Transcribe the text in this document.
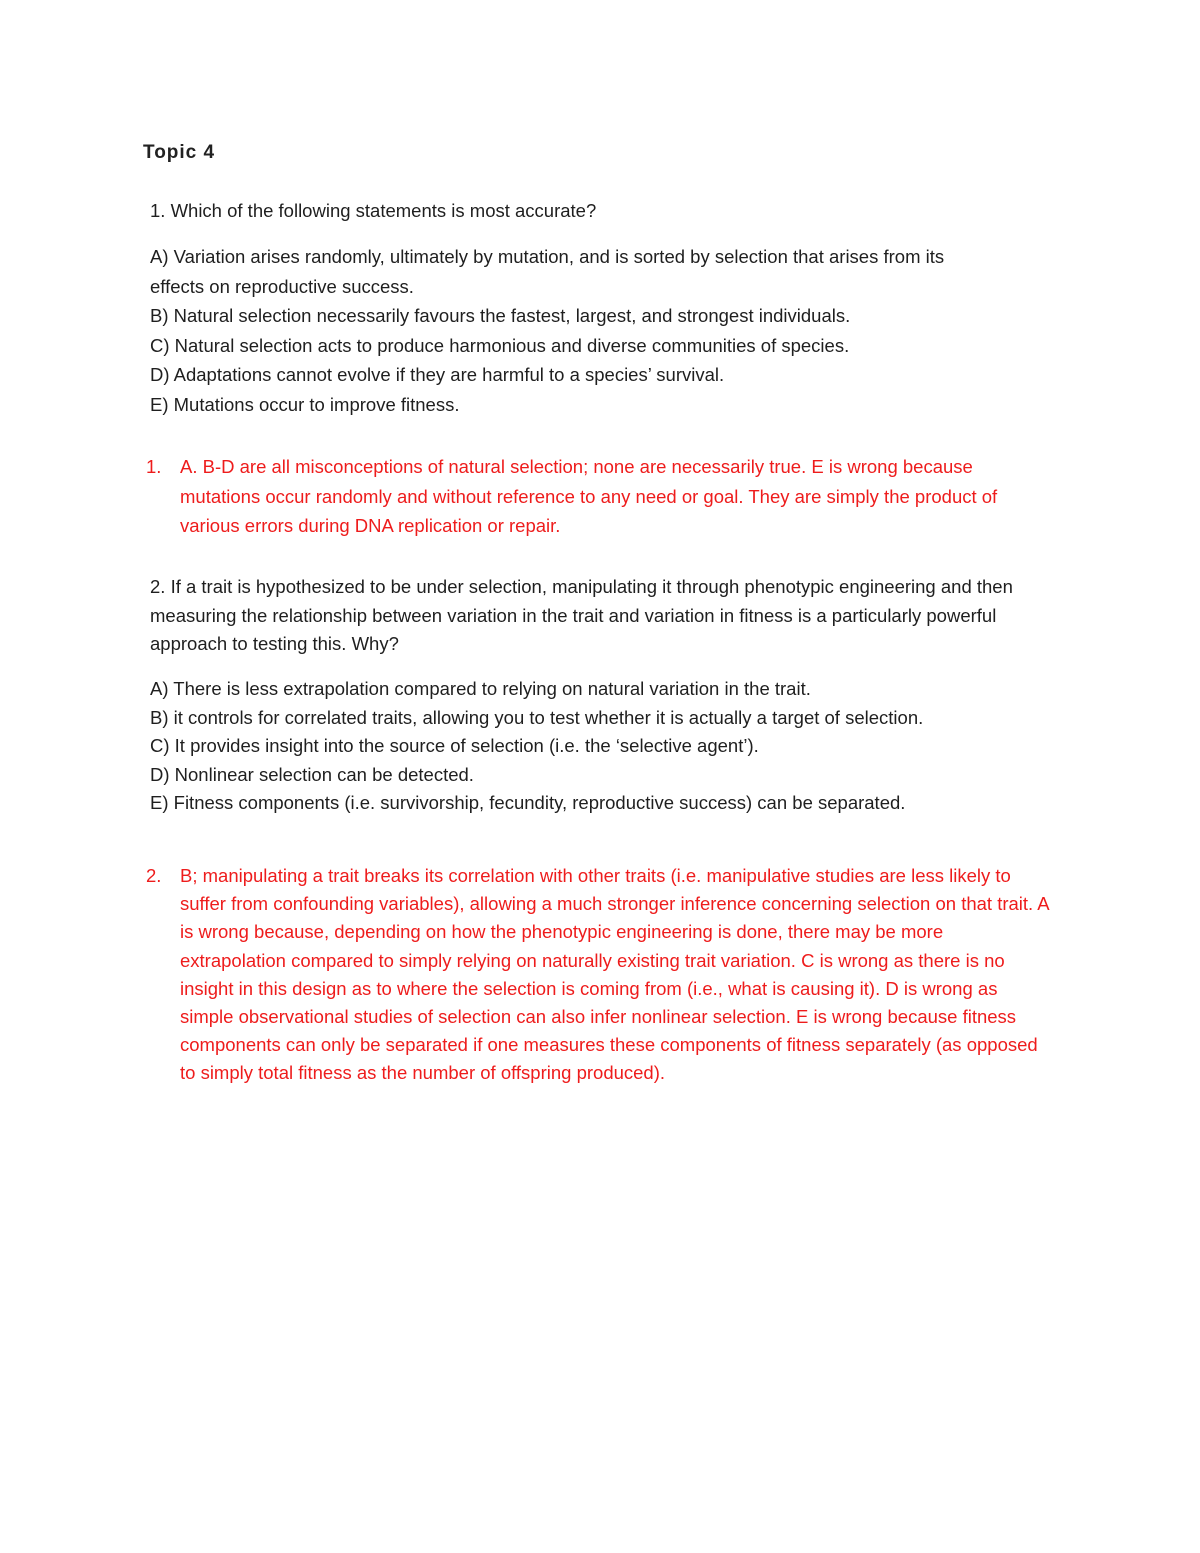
Topic 4

1. Which of the following statements is most accurate?

A) Variation arises randomly, ultimately by mutation, and is sorted by selection that arises from its

effects on reproductive success.

B) Natural selection necessarily favours the fastest, largest, and strongest individuals.

C) Natural selection acts to produce harmonious and diverse communities of species.

D) Adaptations cannot evolve if they are harmful to a species’ survival.

E) Mutations occur to improve fitness.

1. A. B-D are all misconceptions of natural selection; none are necessarily true. E is wrong because mutations occur randomly and without reference to any need or goal. They are simply the product of various errors during DNA replication or repair.

2. If a trait is hypothesized to be under selection, manipulating it through phenotypic engineering and then measuring the relationship between variation in the trait and variation in fitness is a particularly powerful approach to testing this. Why?

A) There is less extrapolation compared to relying on natural variation in the trait.

B) it controls for correlated traits, allowing you to test whether it is actually a target of selection.

C) It provides insight into the source of selection (i.e. the ‘selective agent’).

D) Nonlinear selection can be detected.

E) Fitness components (i.e. survivorship, fecundity, reproductive success) can be separated.

2. B; manipulating a trait breaks its correlation with other traits (i.e. manipulative studies are less likely to suffer from confounding variables), allowing a much stronger inference concerning selection on that trait. A is wrong because, depending on how the phenotypic engineering is done, there may be more extrapolation compared to simply relying on naturally existing trait variation. C is wrong as there is no insight in this design as to where the selection is coming from (i.e., what is causing it). D is wrong as simple observational studies of selection can also infer nonlinear selection. E is wrong because fitness components can only be separated if one measures these components of fitness separately (as opposed to simply total fitness as the number of offspring produced).
